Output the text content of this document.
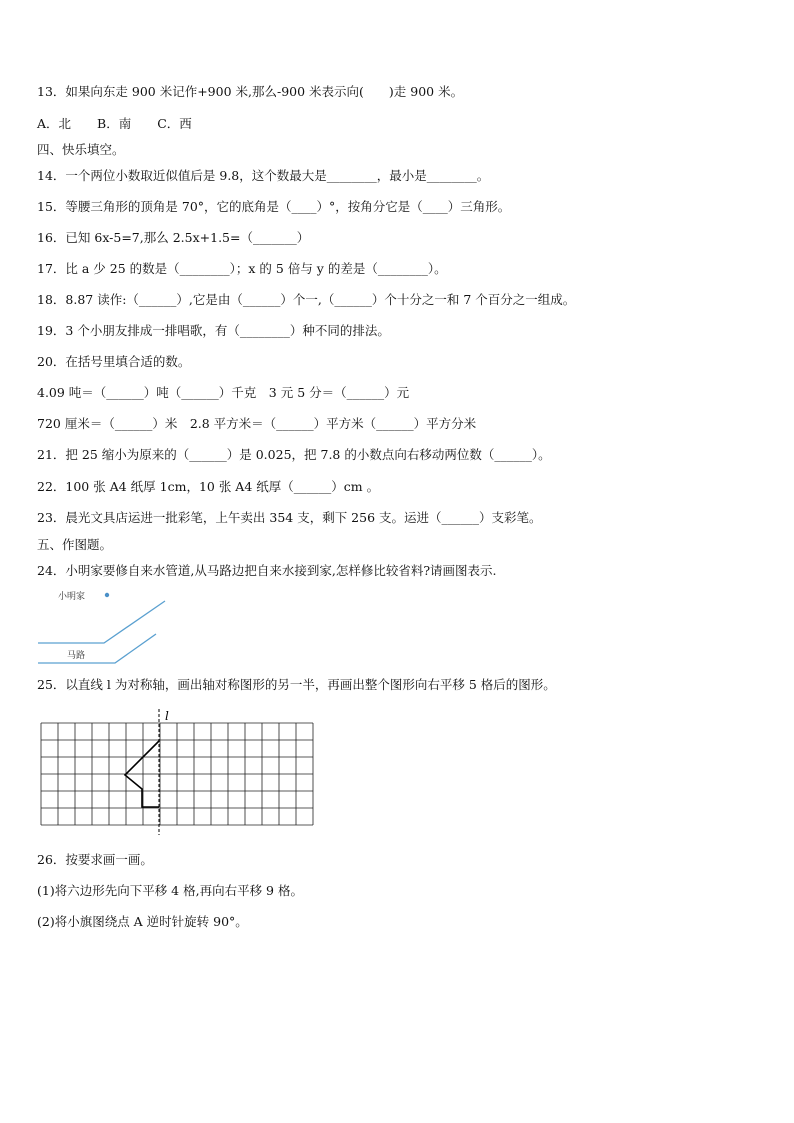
13．如果向东走 900 米记作+900 米,那么-900 米表示向(　　)走 900 米。
A．北 B．南 C．西
四、快乐填空。
14．一个两位小数取近似值后是 9.8，这个数最大是________，最小是________。
15．等腰三角形的顶角是 70°，它的底角是（____）°，按角分它是（____）三角形。
16．已知 6x-5=7,那么 2.5x+1.5=（_______）
17．比 a 少 25 的数是（________）；x 的 5 倍与 y 的差是（________）。
18．8.87 读作:（______）,它是由（______）个一,（______）个十分之一和 7 个百分之一组成。
19．3 个小朋友排成一排唱歌，有（________）种不同的排法。
20．在括号里填合适的数。
4.09 吨＝（______）吨（______）千克　3 元 5 分＝（______）元
720 厘米＝（______）米　2.8 平方米＝（______）平方米（______）平方分米
21．把 25 缩小为原来的（______）是 0.025，把 7.8 的小数点向右移动两位数（______）。
22．100 张 A4 纸厚 1cm，10 张 A4 纸厚（______）cm 。
23．晨光文具店运进一批彩笔，上午卖出 354 支，剩下 256 支。运进（______）支彩笔。
五、作图题。
24．小明家要修自来水管道,从马路边把自来水接到家,怎样修比较省料?请画图表示.
小明家
马路
25．以直线 l 为对称轴，画出轴对称图形的另一半，再画出整个图形向右平移 5 格后的图形。
l
26．按要求画一画。
(1)将六边形先向下平移 4 格,再向右平移 9 格。
(2)将小旗图绕点 A 逆时针旋转 90°。
